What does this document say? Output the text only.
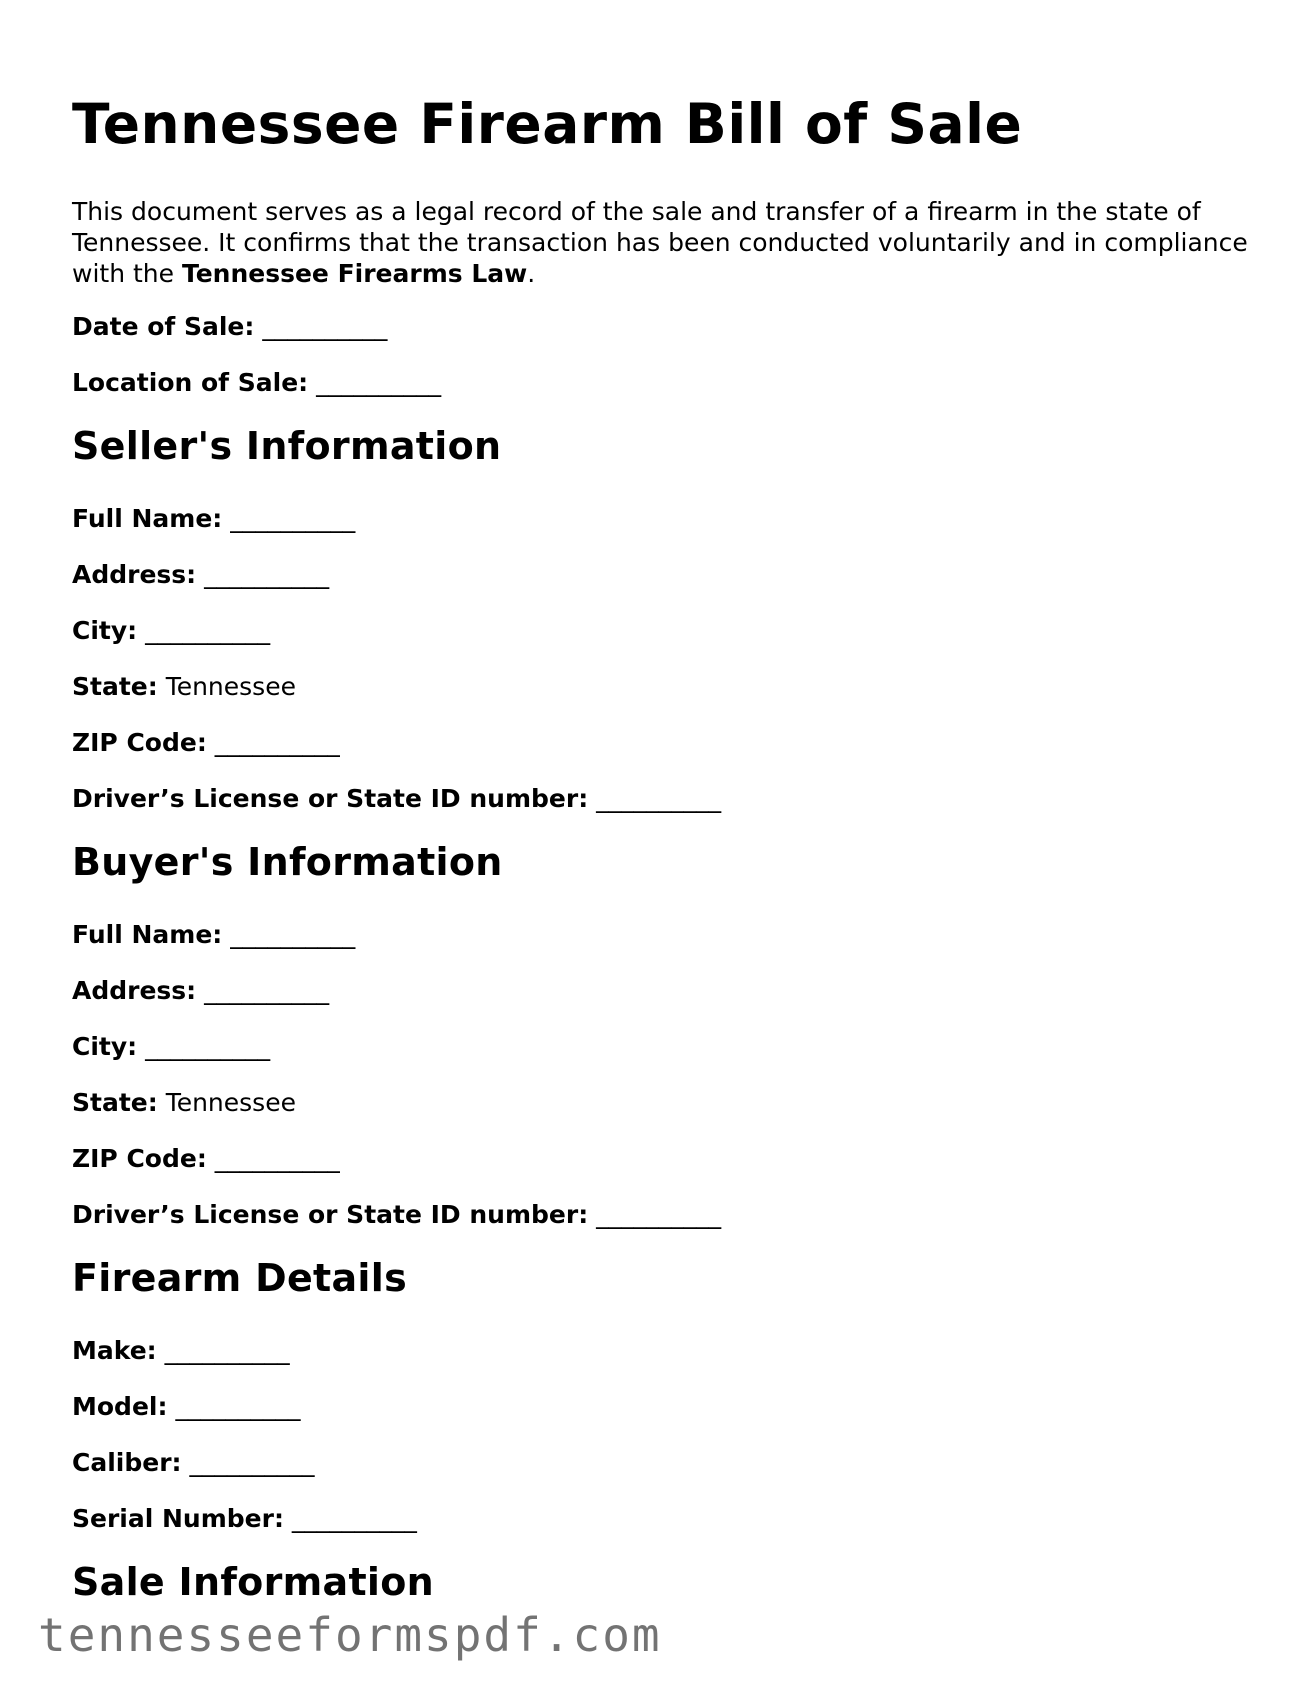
Tennessee Firearm Bill of Sale

This document serves as a legal record of the sale and transfer of a firearm in the state of Tennessee. It confirms that the transaction has been conducted voluntarily and in compliance with the Tennessee Firearms Law.

Date of Sale: __________
Location of Sale: __________
Seller's Information
Full Name: __________
Address: __________
City: __________
State: Tennessee
ZIP Code: __________
Driver’s License or State ID number: __________
Buyer's Information
Full Name: __________
Address: __________
City: __________
State: Tennessee
ZIP Code: __________
Driver’s License or State ID number: __________
Firearm Details
Make: __________
Model: __________
Caliber: __________
Serial Number: __________
Sale Information
tennesseeformspdf.com
